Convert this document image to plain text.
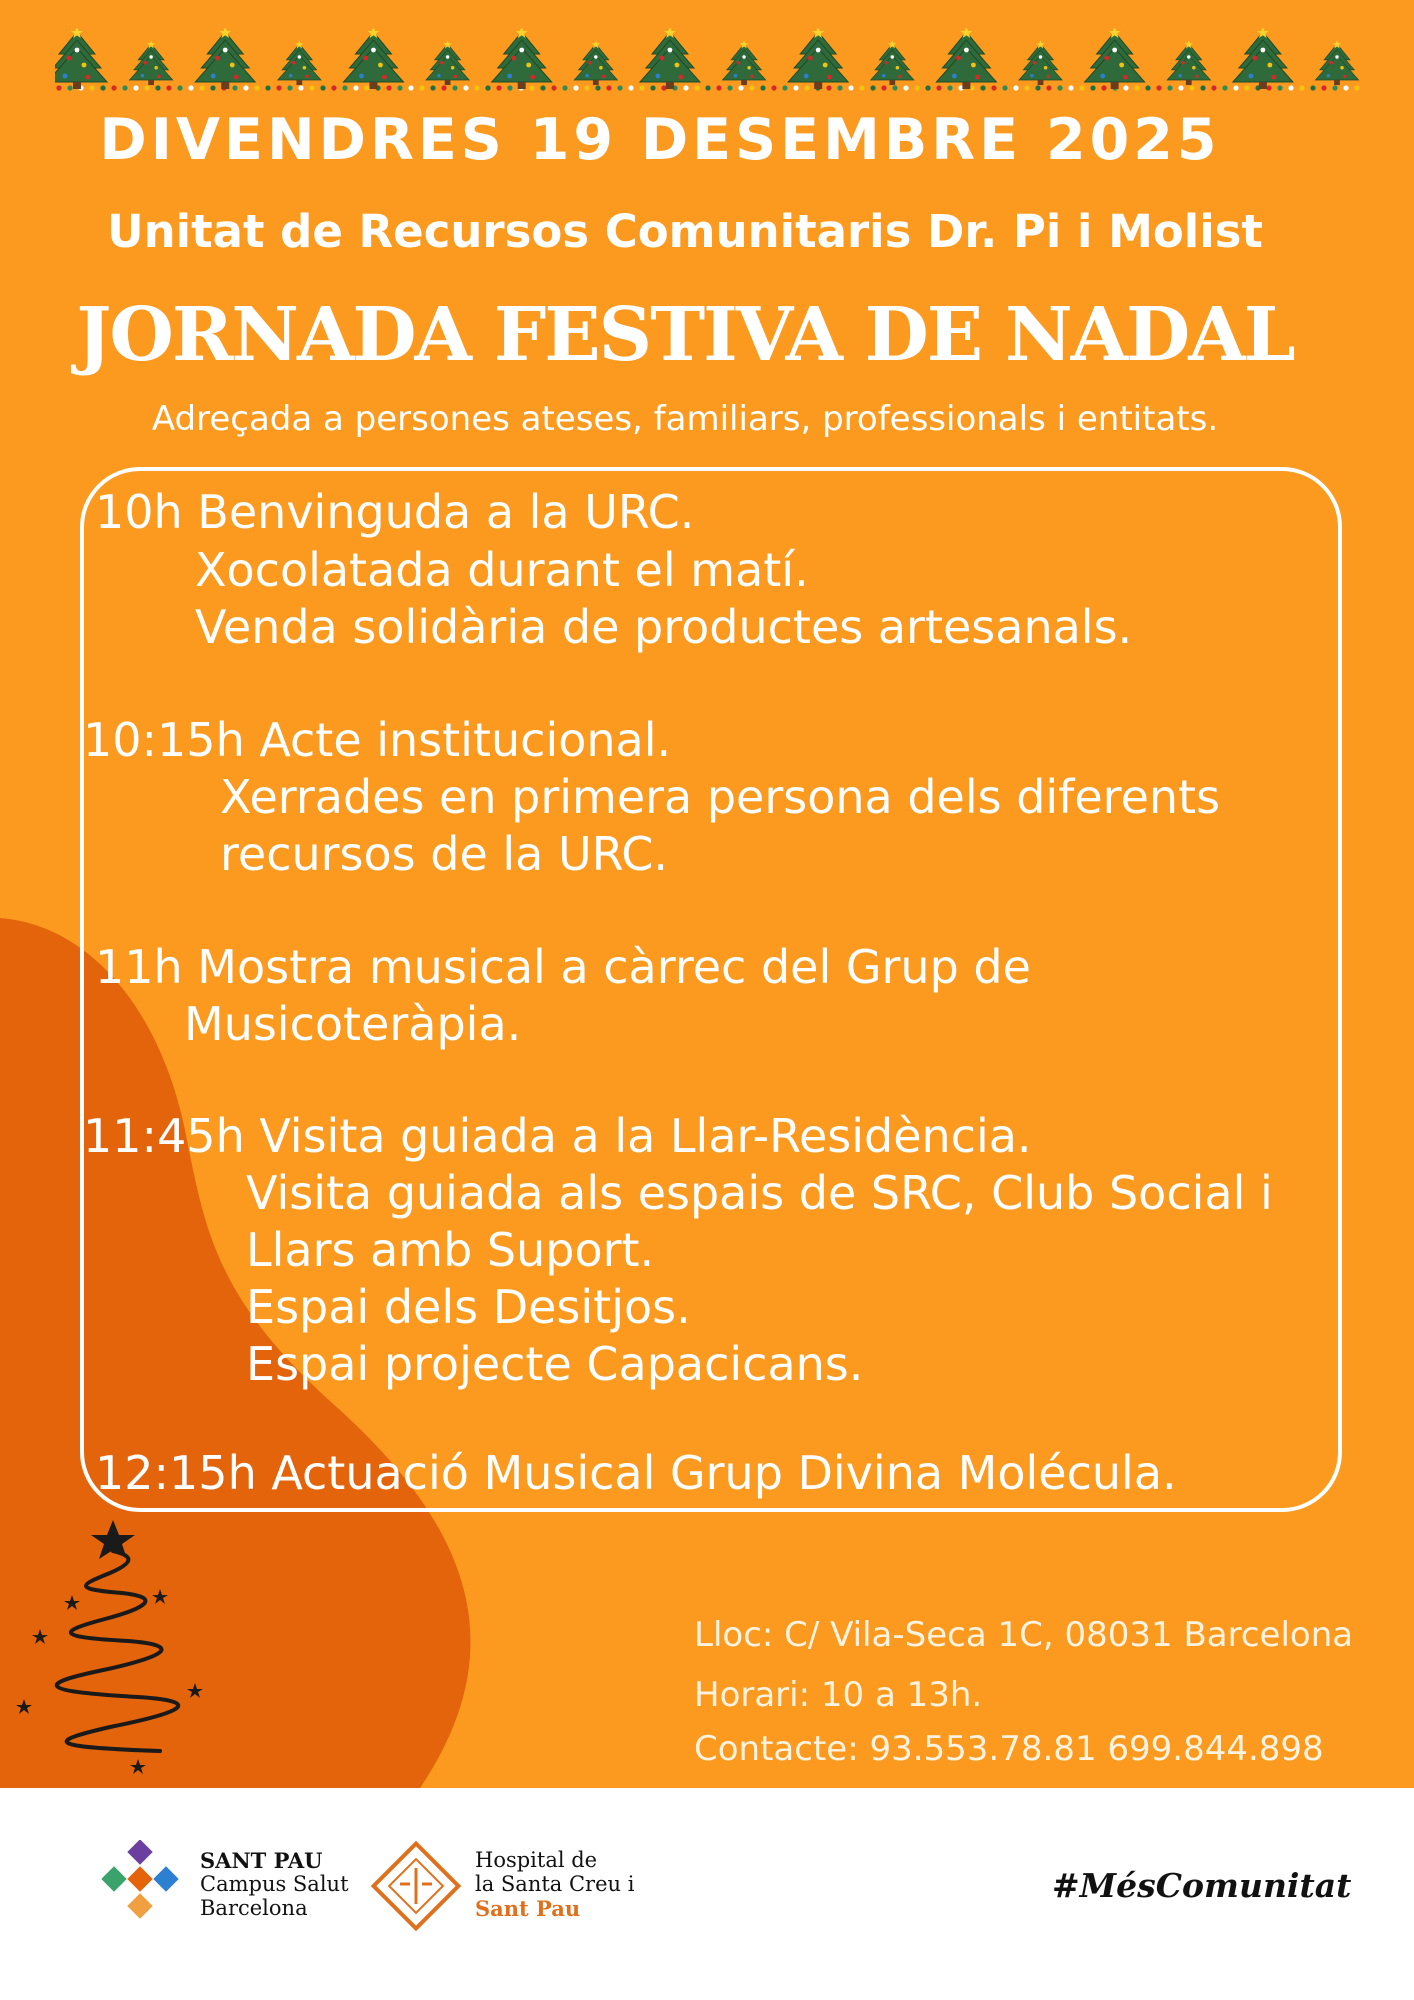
DIVENDRES 19 DESEMBRE 2025
Unitat de Recursos Comunitaris Dr. Pi i Molist
JORNADA FESTIVA DE NADAL
Adreçada a persones ateses, familiars, professionals i entitats.
10h Benvinguda a la URC.
Xocolatada durant el matí.
Venda solidària de productes artesanals.
10:15h Acte institucional.
Xerrades en primera persona dels diferents
recursos de la URC.
11h Mostra musical a càrrec del Grup de
Musicoteràpia.
11:45h Visita guiada a la Llar-Residència.
Visita guiada als espais de SRC, Club Social i
Llars amb Suport.
Espai dels Desitjos.
Espai projecte Capacicans.
12:15h Actuació Musical Grup Divina Molécula.
Lloc: C/ Vila-Seca 1C, 08031 Barcelona
Horari: 10 a 13h.
Contacte: 93.553.78.81 699.844.898
SANT PAU
Campus Salut
Barcelona
Hospital de
la Santa Creu i
Sant Pau
#MésComunitat
